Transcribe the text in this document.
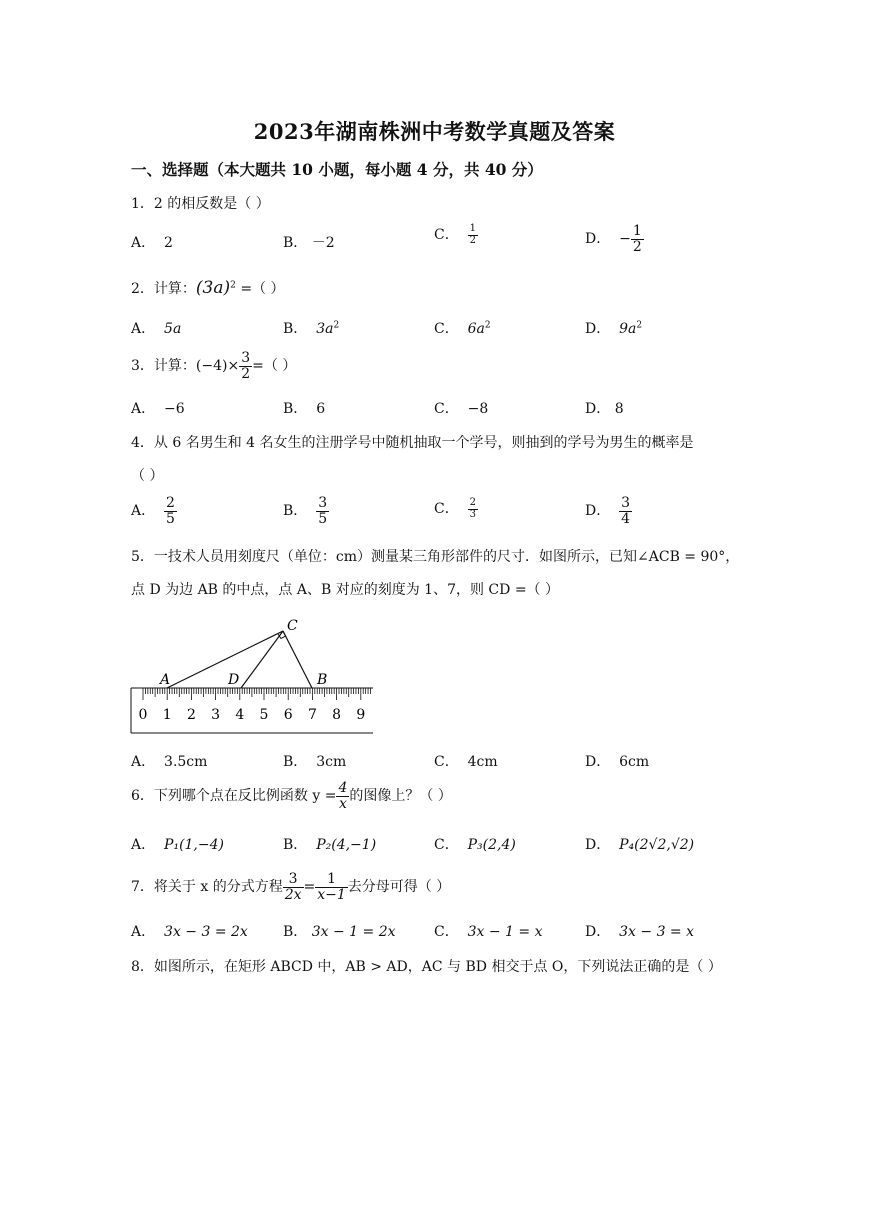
2023年湖南株洲中考数学真题及答案
一、选择题（本大题共 10 小题，每小题 4 分，共 40 分）
1．2 的相反数是（ ）
A． 2	B． －2	C． $\frac{1}{2}$	D． − $\frac{1}{2}$
2．计算：$(3a)^2$ =（ ）
A． 5a	B． $3a^2$	C． $6a^2$	D． $9a^2$
3．计算：$(-4)\times \frac{3}{2}$ =（ ）
A． −6	B． 6	C． −8	D． 8
4．从 6 名男生和 4 名女生的注册学号中随机抽取一个学号，则抽到的学号为男生的概率是
（ ）
A． $\frac{2}{5}$	B． $\frac{3}{5}$	C． $\frac{2}{3}$	D． $\frac{3}{4}$
5．一技术人员用刻度尺（单位：cm）测量某三角形部件的尺寸．如图所示，已知∠ACB = 90°，
点 D 为边 AB 的中点，点 A、B 对应的刻度为 1、7，则 CD =（ ）
0 1 2 3 4 5 6 7 8 9
C
A	D	B
A． 3.5cm	B． 3cm	C． 4cm	D． 6cm
6．下列哪个点在反比例函数 $y = \frac{4}{x}$ 的图像上？（ ）
A． P₁(1,−4)	B． P₂(4,−1)	C． P₃(2,4)	D． P₄(2√2,√2)
7．将关于 x 的分式方程 $\frac{3}{2x} = \frac{1}{x-1}$ 去分母可得（ ）
A． 3x − 3 = 2x	B． 3x − 1 = 2x	C． 3x − 1 = x	D． 3x − 3 = x
8．如图所示，在矩形 ABCD 中，AB > AD，AC 与 BD 相交于点 O，下列说法正确的是（ ）
